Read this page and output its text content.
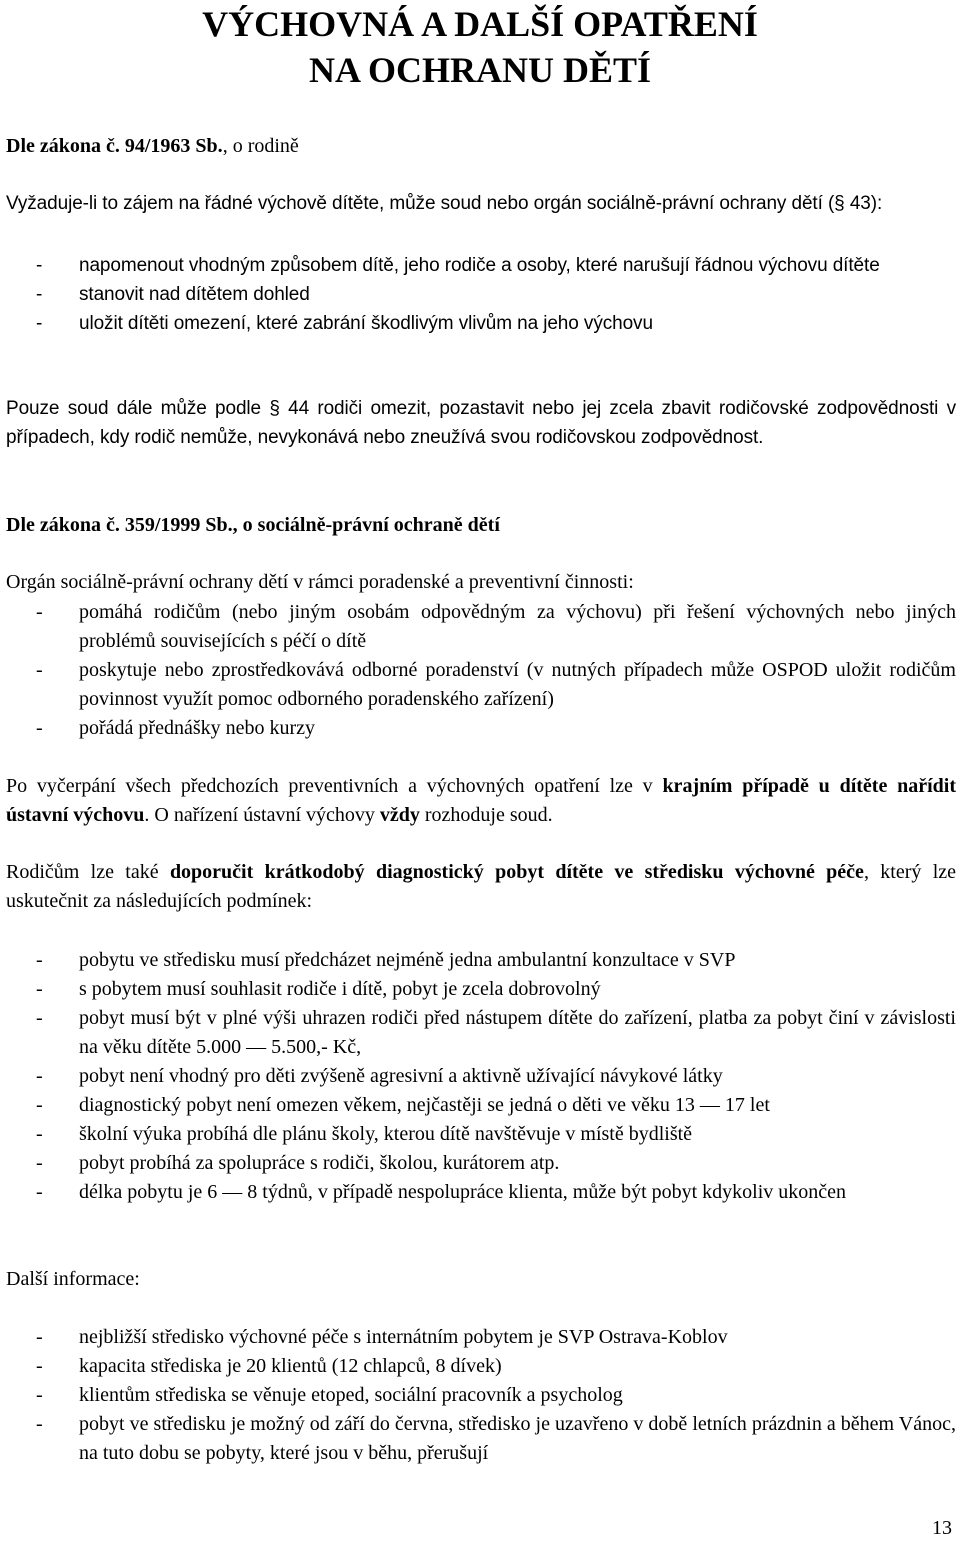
VÝCHOVNÁ A DALŠÍ OPATŘENÍ
NA OCHRANU DĚTÍ

Dle zákona č. 94/1963 Sb., o rodině

Vyžaduje-li to zájem na řádné výchově dítěte, může soud nebo orgán sociálně-právní ochrany dětí (§ 43):

- napomenout vhodným způsobem dítě, jeho rodiče a osoby, které narušují řádnou výchovu dítěte
- stanovit nad dítětem dohled
- uložit dítěti omezení, které zabrání škodlivým vlivům na jeho výchovu

Pouze soud dále může podle § 44 rodiči omezit, pozastavit nebo jej zcela zbavit rodičovské zodpovědnosti v případech, kdy rodič nemůže, nevykonává nebo zneužívá svou rodičovskou zodpovědnost.

Dle zákona č. 359/1999 Sb., o sociálně-právní ochraně dětí

Orgán sociálně-právní ochrany dětí v rámci poradenské a preventivní činnosti:

- pomáhá rodičům (nebo jiným osobám odpovědným za výchovu) při řešení výchovných nebo jiných problémů souvisejících s péčí o dítě
- poskytuje nebo zprostředkovává odborné poradenství (v nutných případech může OSPOD uložit rodičům povinnost využít pomoc odborného poradenského zařízení)
- pořádá přednášky nebo kurzy

Po vyčerpání všech předchozích preventivních a výchovných opatření lze v krajním případě u dítěte nařídit ústavní výchovu. O nařízení ústavní výchovy vždy rozhoduje soud.

Rodičům lze také doporučit krátkodobý diagnostický pobyt dítěte ve středisku výchovné péče, který lze uskutečnit za následujících podmínek:

- pobytu ve středisku musí předcházet nejméně jedna ambulantní konzultace v SVP
- s pobytem musí souhlasit rodiče i dítě, pobyt je zcela dobrovolný
- pobyt musí být v plné výši uhrazen rodiči před nástupem dítěte do zařízení, platba za pobyt činí v závislosti na věku dítěte 5.000 — 5.500,- Kč,
- pobyt není vhodný pro děti zvýšeně agresivní a aktivně užívající návykové látky
- diagnostický pobyt není omezen věkem, nejčastěji se jedná o děti ve věku 13 — 17 let
- školní výuka probíhá dle plánu školy, kterou dítě navštěvuje v místě bydliště
- pobyt probíhá za spolupráce s rodiči, školou, kurátorem atp.
- délka pobytu je 6 — 8 týdnů, v případě nespolupráce klienta, může být pobyt kdykoliv ukončen

Další informace:

- nejbližší středisko výchovné péče s internátním pobytem je SVP Ostrava-Koblov
- kapacita střediska je 20 klientů (12 chlapců, 8 dívek)
- klientům střediska se věnuje etoped, sociální pracovník a psycholog
- pobyt ve středisku je možný od září do června, středisko je uzavřeno v době letních prázdnin a během Vánoc, na tuto dobu se pobyty, které jsou v běhu, přerušují
13
